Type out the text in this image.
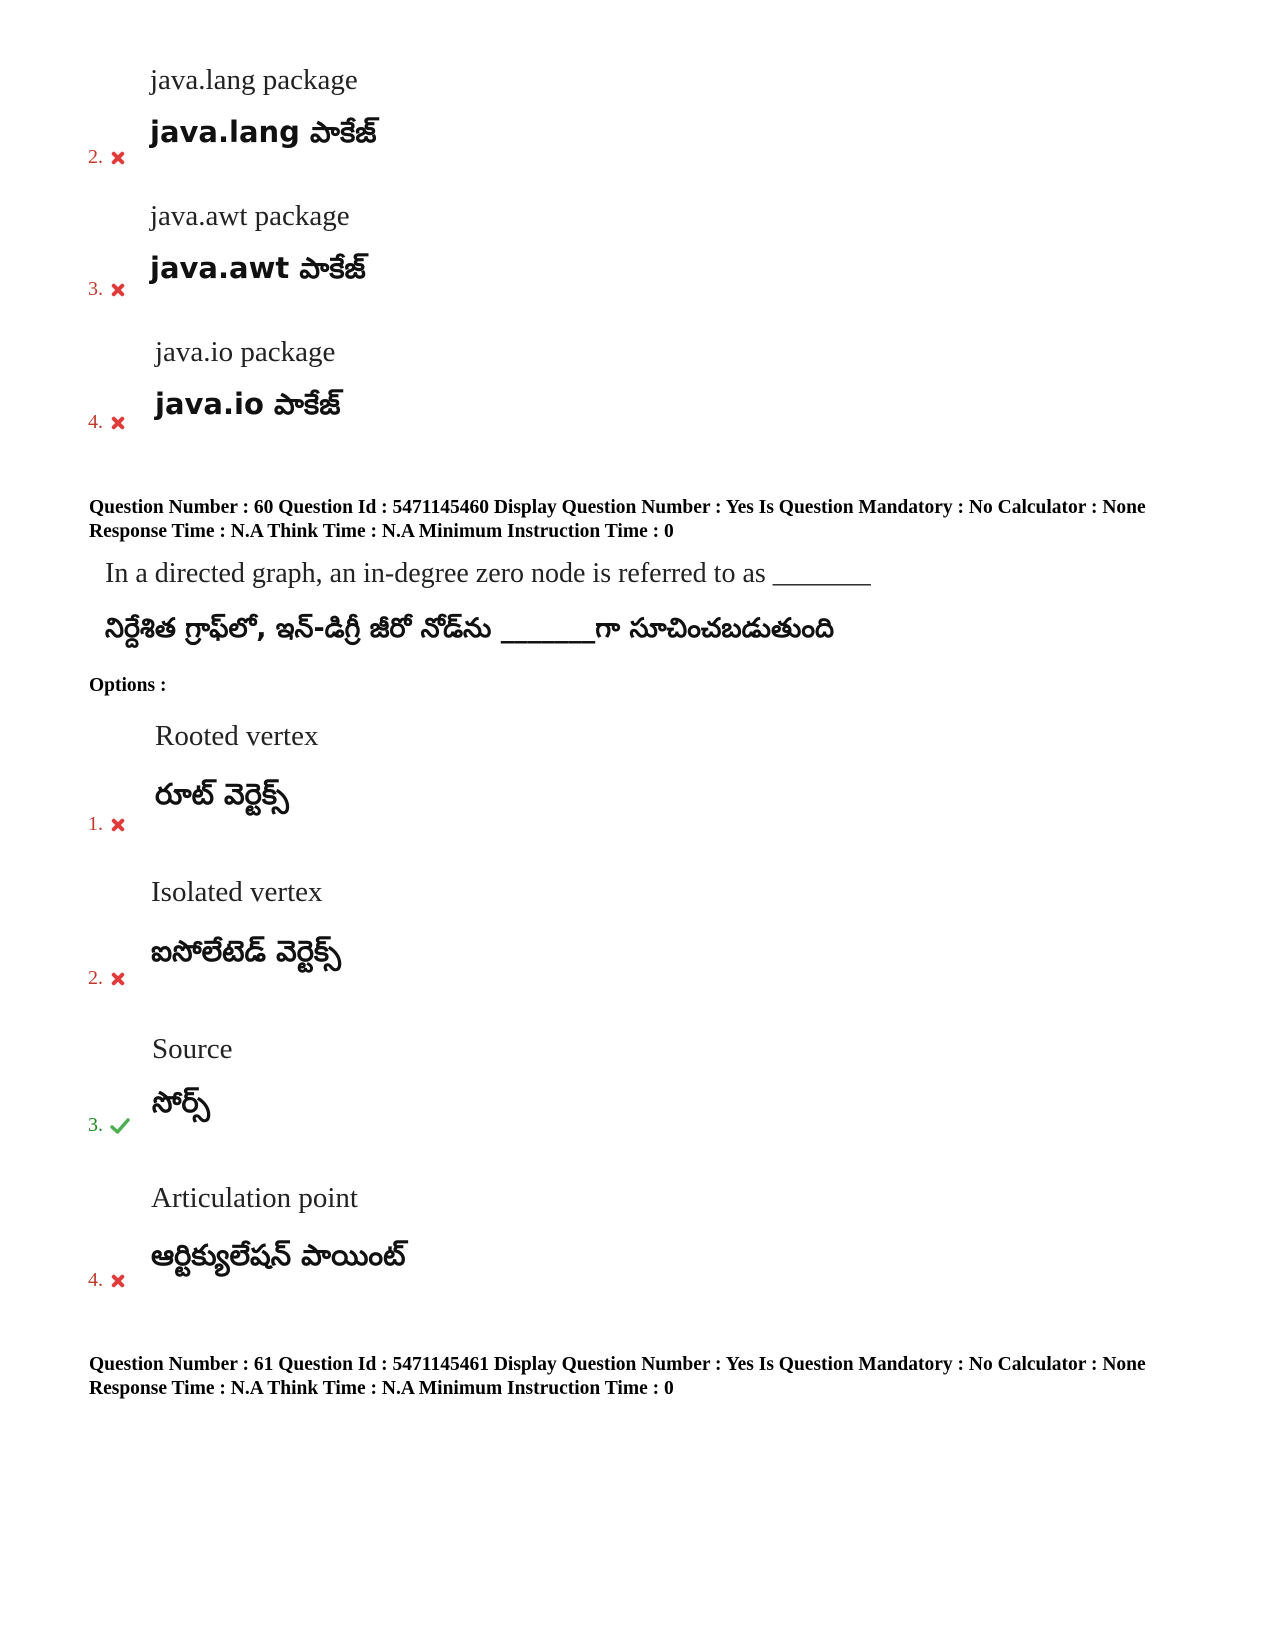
java.lang package
java.lang పాకేజ్
2.
java.awt package
java.awt పాకేజ్
3.
java.io package
java.io పాకేజ్
4.
Question Number : 60 Question Id : 5471145460 Display Question Number : Yes Is Question Mandatory : No Calculator : None Response Time : N.A Think Time : N.A Minimum Instruction Time : 0
In a directed graph, an in-degree zero node is referred to as _______
నిర్దేశిత గ్రాఫ్‌లో, ఇన్-డిగ్రీ జీరో నోడ్‌ను _______గా సూచించబడుతుంది
Options :
Rooted vertex
రూట్ వెర్టెక్స్
1.
Isolated vertex
ఐసోలేటెడ్ వెర్టెక్స్
2.
Source
సోర్స్
3.
Articulation point
ఆర్టిక్యులేషన్ పాయింట్
4.
Question Number : 61 Question Id : 5471145461 Display Question Number : Yes Is Question Mandatory : No Calculator : None Response Time : N.A Think Time : N.A Minimum Instruction Time : 0
